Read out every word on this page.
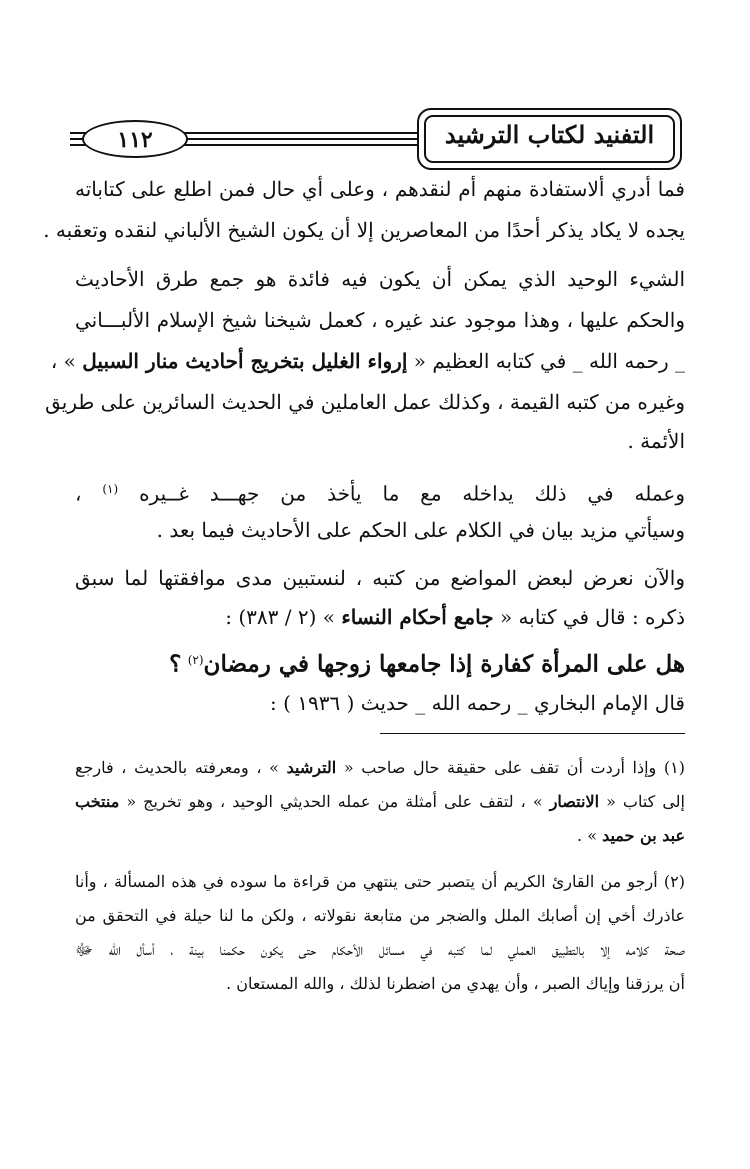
التفنيد لكتاب الترشيد
١١٢
فما أدري ألاستفادة منهم أم لنقدهم ، وعلى أي حال فمن اطلع على كتاباته
يجده لا يكاد يذكر أحدًا من المعاصرين إلا أن يكون الشيخ الألباني لنقده وتعقبه .
الشيء الوحيد الذي يمكن أن يكون فيه فائدة هو جمع طرق الأحاديث
والحكم عليها ، وهذا موجود عند غيره ، كعمل شيخنا شيخ الإسلام الألبـــاني
_ رحمه الله _ في كتابه العظيم « إرواء الغليل بتخريج أحاديث منار السبيل » ،
وغيره من كتبه القيمة ، وكذلك عمل العاملين في الحديث السائرين على طريق
الأئمة .
وعمله في ذلك يداخله مع ما يأخذ من جهـــد غــيره $^{(١)}$ ،
وسيأتي مزيد بيان في الكلام على الحكم على الأحاديث فيما بعد .
والآن نعرض لبعض المواضع من كتبه ، لنستبين مدى موافقتها لما سبق
ذكره : قال في كتابه « جامع أحكام النساء » (٢ / ٣٨٣) :
هل على المرأة كفارة إذا جامعها زوجها في رمضان$^{(٢)}$ ؟
قال الإمام البخاري _ رحمه الله _ حديث ( ١٩٣٦ ) :
(١) وإذا أردت أن تقف على حقيقة حال صاحب « الترشيد » ، ومعرفته بالحديث ، فارجع
إلى كتاب « الانتصار » ، لتقف على أمثلة من عمله الحديثي الوحيد ، وهو تخريج « منتخب
عبد بن حميد » .
(٢) أرجو من القارئ الكريم أن يتصبر حتى ينتهي من قراءة ما سوده في هذه المسألة ، وأنا
عاذرك أخي إن أصابك الملل والضجر من متابعة نقولاته ، ولكن ما لنا حيلة في التحقق من
صحة كلامه إلا بالتطبيق العملي لما كتبه في مسائل الأحكام حتى يكون حكمنا بينة ، أسأل الله ﷻ
أن يرزقنا وإياك الصبر ، وأن يهدي من اضطرنا لذلك ، والله المستعان .
